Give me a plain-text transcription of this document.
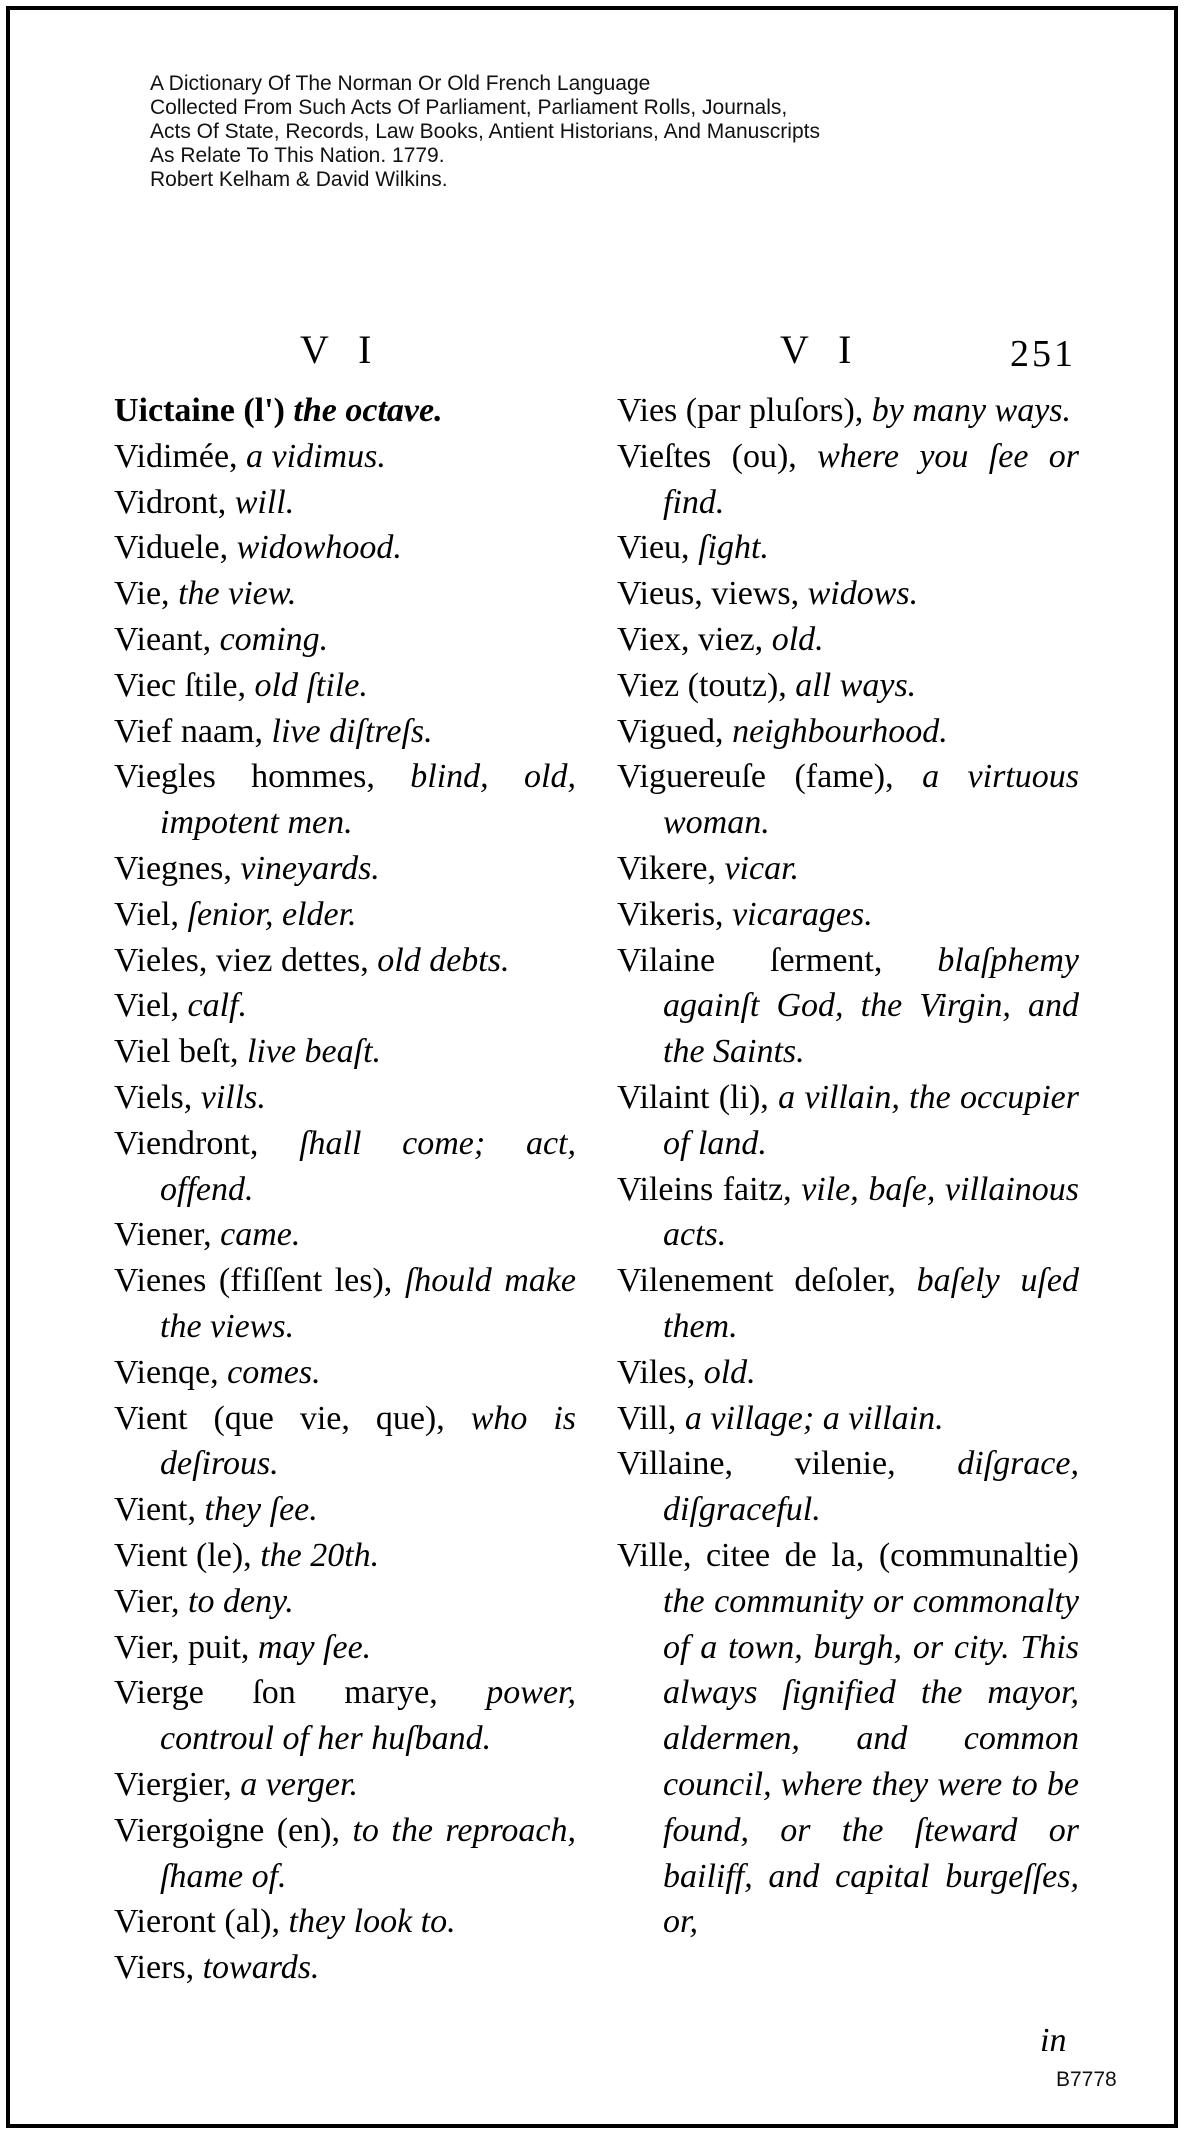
A Dictionary Of The Norman Or Old French Language
Collected From Such Acts Of Parliament, Parliament Rolls, Journals,
Acts Of State, Records, Law Books, Antient Historians, And Manuscripts
As Relate To This Nation. 1779.
Robert Kelham & David Wilkins.
V I	V I	251
Uictaine (l') the octave.
Vidimée, a vidimus.
Vidront, will.
Viduele, widowhood.
Vie, the view.
Vieant, coming.
Viec ſtile, old ſtile.
Vief naam, live diſtreſs.
Viegles hommes, blind, old, impotent men.
Viegnes, vineyards.
Viel, ſenior, elder.
Vieles, viez dettes, old debts.
Viel, calf.
Viel beſt, live beaſt.
Viels, vills.
Viendront, ſhall come; act, offend.
Viener, came.
Vienes (ffiſſent les), ſhould make the views.
Vienqe, comes.
Vient (que vie, que), who is deſirous.
Vient, they ſee.
Vient (le), the 20th.
Vier, to deny.
Vier, puit, may ſee.
Vierge ſon marye, power, controul of her huſband.
Viergier, a verger.
Viergoigne (en), to the reproach, ſhame of.
Vieront (al), they look to.
Viers, towards.
Vies (par pluſors), by many ways.
Vieſtes (ou), where you ſee or find.
Vieu, ſight.
Vieus, views, widows.
Viex, viez, old.
Viez (toutz), all ways.
Vigued, neighbourhood.
Viguereuſe (fame), a virtuous woman.
Vikere, vicar.
Vikeris, vicarages.
Vilaine ſerment, blaſphemy againſt God, the Virgin, and the Saints.
Vilaint (li), a villain, the occupier of land.
Vileins faitz, vile, baſe, villainous acts.
Vilenement deſoler, baſely uſed them.
Viles, old.
Vill, a village; a villain.
Villaine, vilenie, diſgrace, diſgraceful.
Ville, citee de la, (communaltie) the community or commonalty of a town, burgh, or city. This always ſignified the mayor, aldermen, and common council, where they were to be found, or the ſteward or bailiff, and capital burgeſſes, or,
in
B7778
